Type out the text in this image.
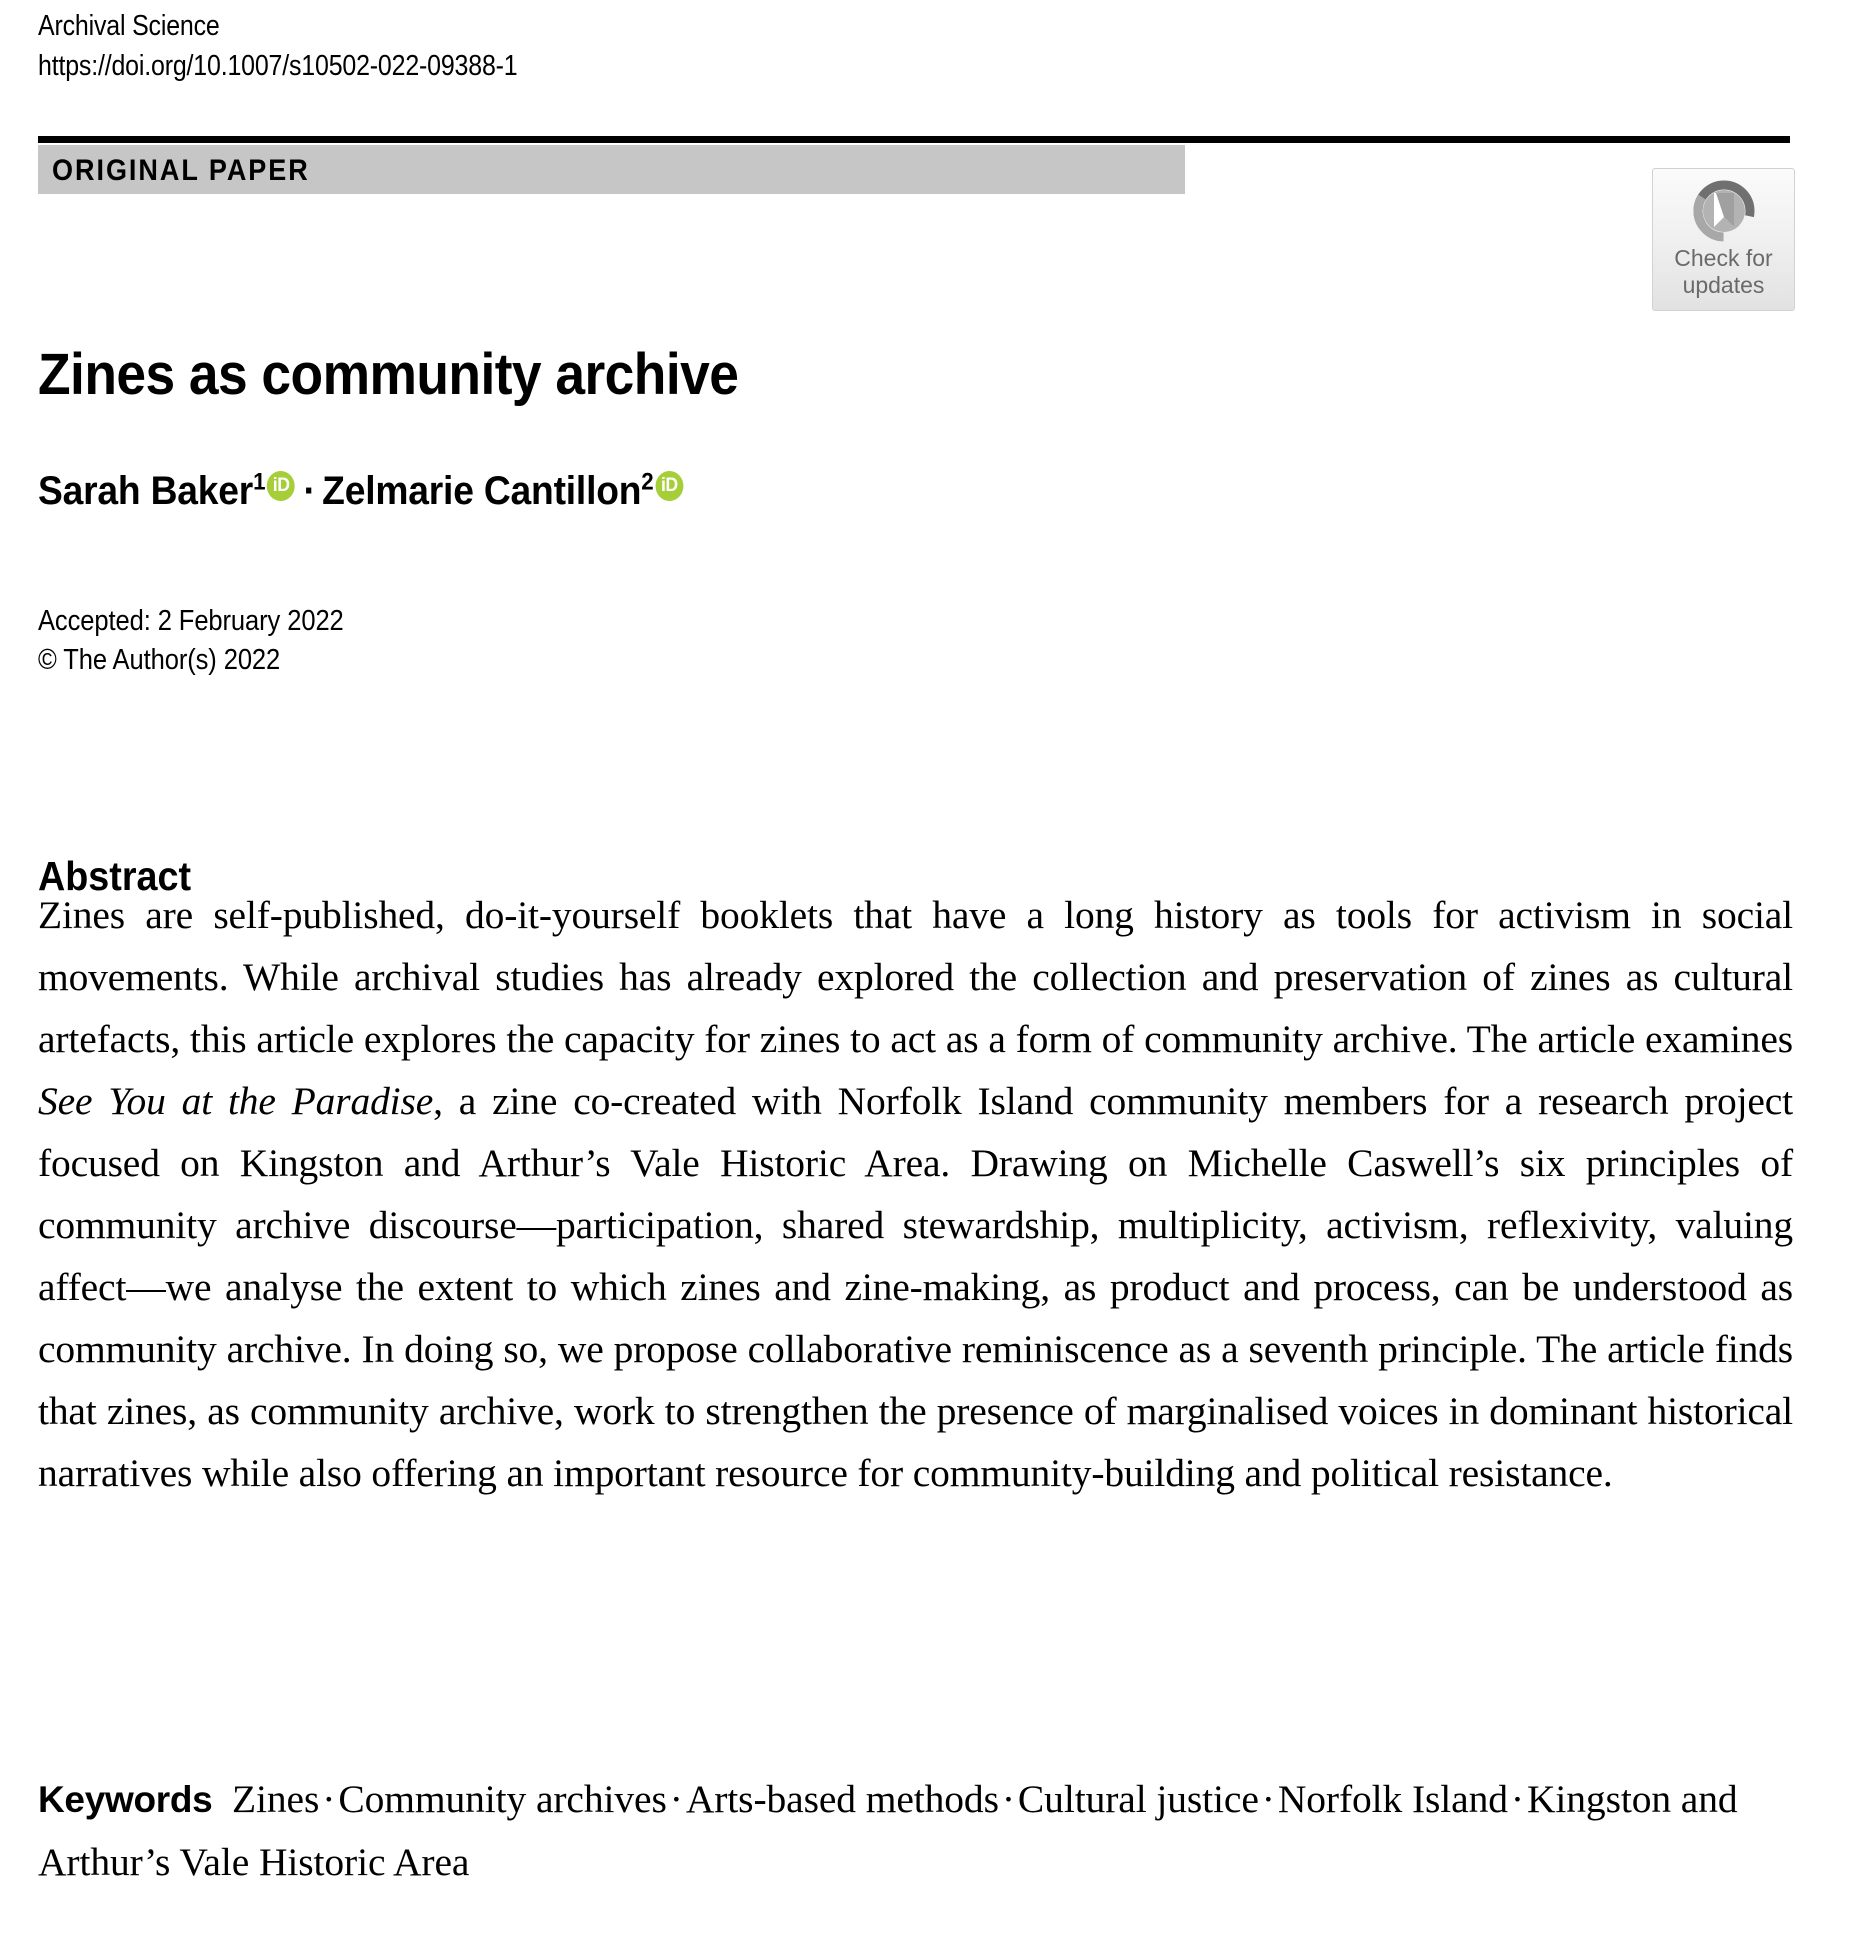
Archival Science
https://doi.org/10.1007/s10502-022-09388-1
ORIGINAL PAPER
Check for
updates
Zines as community archive
Sarah Baker$^1$ iD · Zelmarie Cantillon$^2$ iD
Accepted: 2 February 2022
© The Author(s) 2022
Abstract
Zines are self-published, do-it-yourself booklets that have a long history as tools for activism in social movements. While archival studies has already explored the collection and preservation of zines as cultural artefacts, this article explores the capacity for zines to act as a form of community archive. The article examines See You at the Paradise, a zine co-created with Norfolk Island community members for a research project focused on Kingston and Arthur’s Vale Historic Area. Drawing on Michelle Caswell’s six principles of community archive discourse—participation, shared stewardship, multiplicity, activism, reflexivity, valuing affect—we analyse the extent to which zines and zine-making, as product and process, can be understood as community archive. In doing so, we propose collaborative reminiscence as a seventh principle. The article finds that zines, as community archive, work to strengthen the presence of marginalised voices in dominant historical narratives while also offering an important resource for community-building and political resistance.
Keywords Zines·Community archives·Arts-based methods·Cultural justice·Norfolk Island·Kingston and Arthur’s Vale Historic Area
